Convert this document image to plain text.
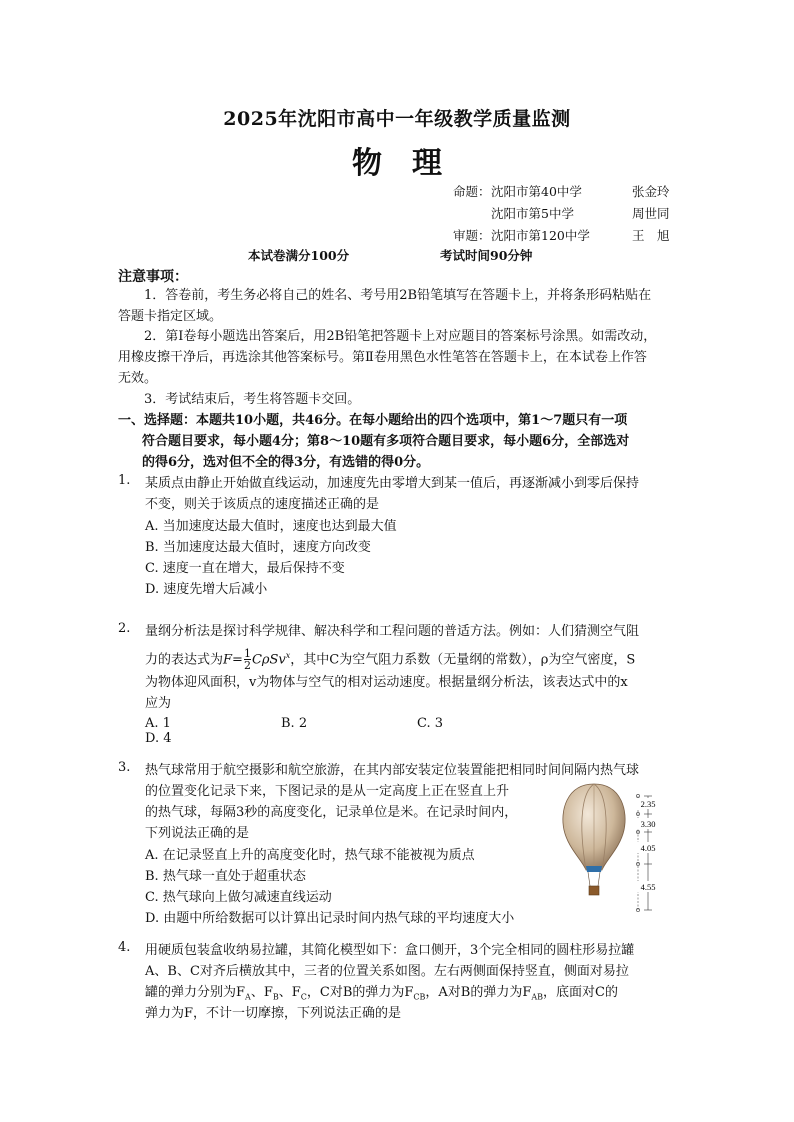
2025年沈阳市高中一年级教学质量监测
物　理
命题： 沈阳市第40中学	张金玲
沈阳市第5中学	周世同
审题： 沈阳市第120中学	王　旭
本试卷满分100分	考试时间90分钟
注意事项：
1．答卷前，考生务必将自己的姓名、考号用2B铅笔填写在答题卡上，并将条形码粘贴在

答题卡指定区域。
2．第Ⅰ卷每小题选出答案后，用2B铅笔把答题卡上对应题目的答案标号涂黑。如需改动，
用橡皮擦干净后，再选涂其他答案标号。第Ⅱ卷用黑色水性笔答在答题卡上，在本试卷上作答
无效。
3．考试结束后，考生将答题卡交回。
一、选择题：本题共10小题，共46分。在每小题给出的四个选项中，第1～7题只有一项
符合题目要求，每小题4分；第8～10题有多项符合题目要求，每小题6分，全部选对
的得6分，选对但不全的得3分，有选错的得0分。
1. 某质点由静止开始做直线运动，加速度先由零增大到某一值后，再逐渐减小到零后保持
不变，则关于该质点的速度描述正确的是
A. 当加速度达最大值时，速度也达到最大值
B. 当加速度达最大值时，速度方向改变
C. 速度一直在增大，最后保持不变
D. 速度先增大后减小
2. 量纲分析法是探讨科学规律、解决科学和工程问题的普适方法。例如：人们猜测空气阻
力的表达式为$F=\frac{1}{2} C\rho Sv^x$，其中C为空气阻力系数（无量纲的常数），ρ为空气密度，S
为物体迎风面积，v为物体与空气的相对运动速度。根据量纲分析法，该表达式中的x
应为
A. 1	B. 2	C. 3D. 4
3. 热气球常用于航空摄影和航空旅游，在其内部安装定位装置能把相同时间间隔内热气球
的位置变化记录下来，下图记录的是从一定高度上正在竖直上升
的热气球，每隔3秒的高度变化，记录单位是米。在记录时间内，
下列说法正确的是
A. 在记录竖直上升的高度变化时，热气球不能被视为质点
B. 热气球一直处于超重状态
C. 热气球向上做匀减速直线运动
D. 由题中所给数据可以计算出记录时间内热气球的平均速度大小
2.35
3.30
4.05
4.55
4. 用硬质包装盒收纳易拉罐，其简化模型如下：盒口侧开，3个完全相同的圆柱形易拉罐
A、B、C对齐后横放其中，三者的位置关系如图。左右两侧面保持竖直，侧面对易拉
罐的弹力分别为$F_A$、$F_B$、$F_C$，C对B的弹力为$F_{CB}$，A对B的弹力为$F_{AB}$，底面对C的
弹力为F，不计一切摩擦，下列说法正确的是
